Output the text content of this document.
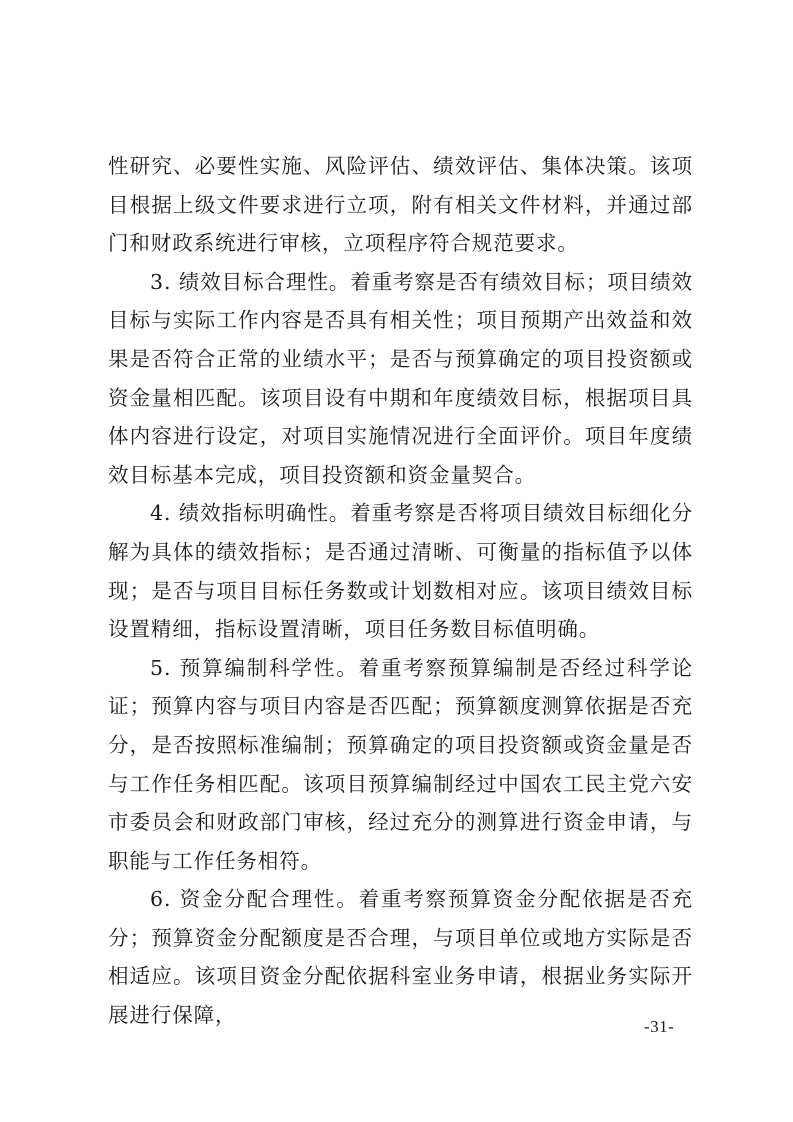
性研究、必要性实施、风险评估、绩效评估、集体决策。该项目根据上级文件要求进行立项，附有相关文件材料，并通过部门和财政系统进行审核，立项程序符合规范要求。

3. 绩效目标合理性。着重考察是否有绩效目标；项目绩效目标与实际工作内容是否具有相关性；项目预期产出效益和效果是否符合正常的业绩水平；是否与预算确定的项目投资额或资金量相匹配。该项目设有中期和年度绩效目标，根据项目具体内容进行设定，对项目实施情况进行全面评价。项目年度绩效目标基本完成，项目投资额和资金量契合。

4. 绩效指标明确性。着重考察是否将项目绩效目标细化分解为具体的绩效指标；是否通过清晰、可衡量的指标值予以体现；是否与项目目标任务数或计划数相对应。该项目绩效目标设置精细，指标设置清晰，项目任务数目标值明确。

5. 预算编制科学性。着重考察预算编制是否经过科学论证；预算内容与项目内容是否匹配；预算额度测算依据是否充分，是否按照标准编制；预算确定的项目投资额或资金量是否与工作任务相匹配。该项目预算编制经过中国农工民主党六安市委员会和财政部门审核，经过充分的测算进行资金申请，与职能与工作任务相符。

6. 资金分配合理性。着重考察预算资金分配依据是否充分；预算资金分配额度是否合理，与项目单位或地方实际是否相适应。该项目资金分配依据科室业务申请，根据业务实际开展进行保障，	-31-
